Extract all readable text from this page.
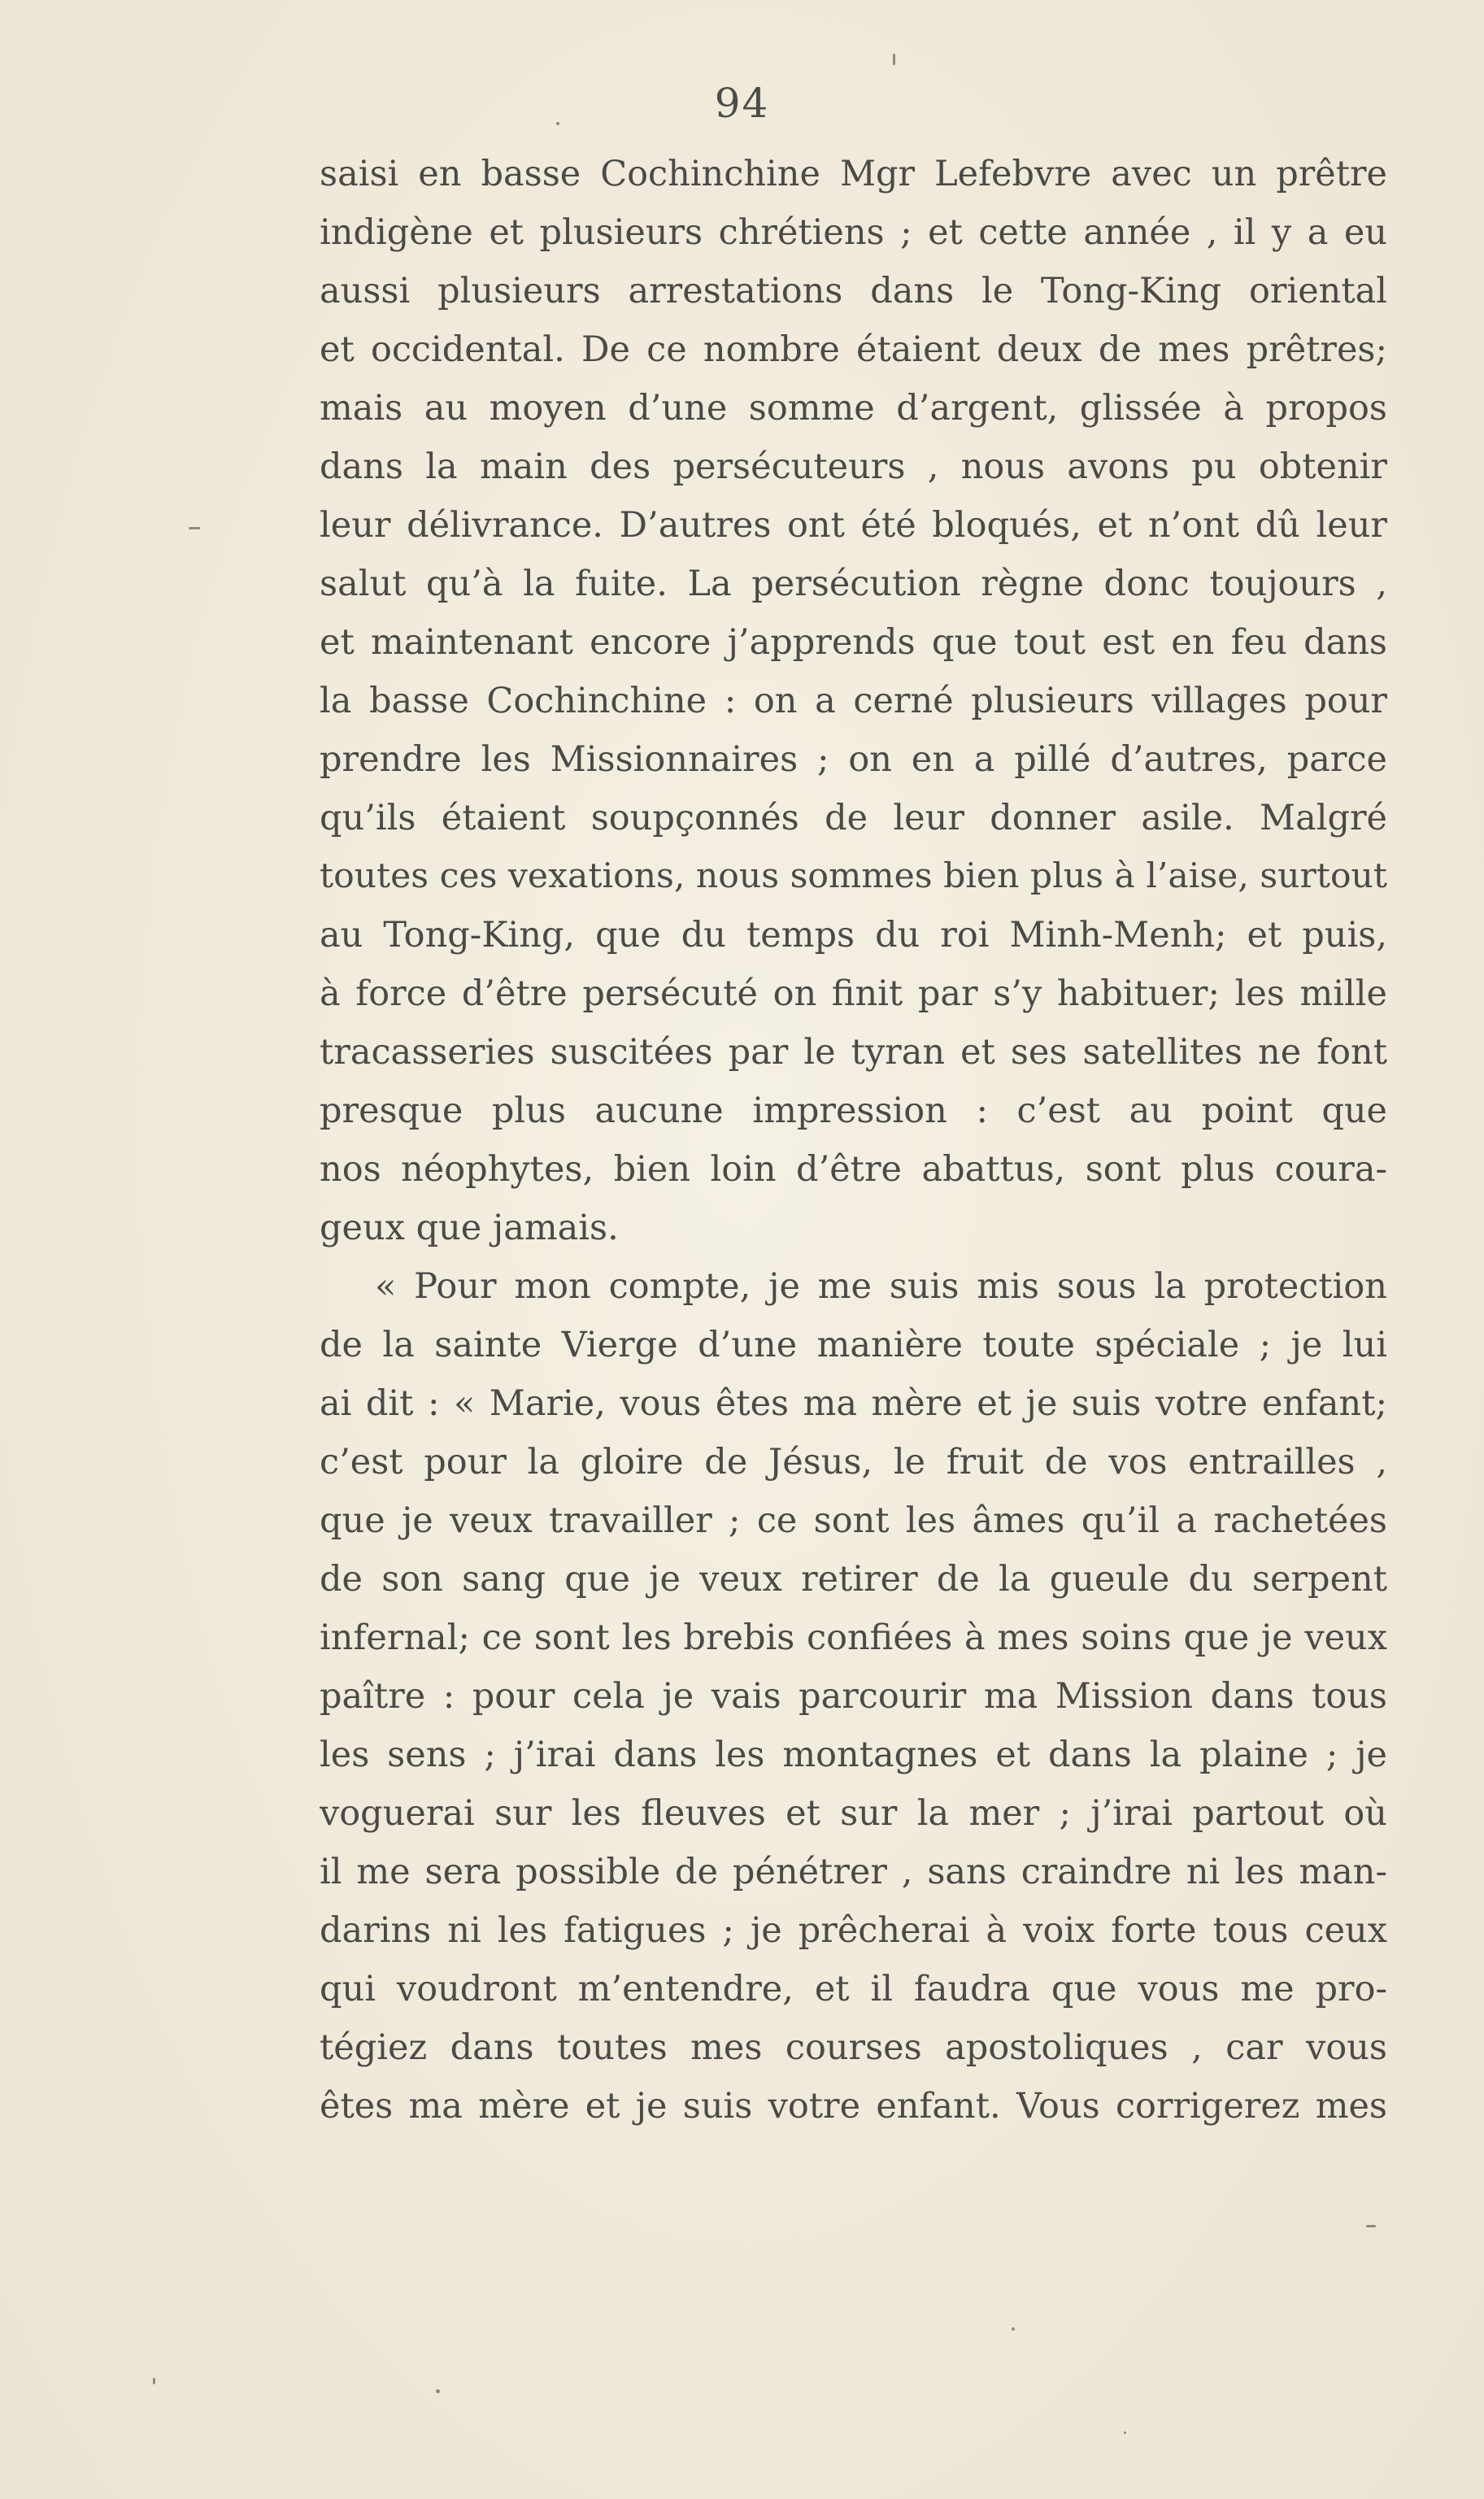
94
saisi en basse Cochinchine Mgr Lefebvre avec un prêtre
indigène et plusieurs chrétiens ; et cette année , il y a eu
aussi plusieurs arrestations dans le Tong-King oriental
et occidental. De ce nombre étaient deux de mes prêtres;
mais au moyen d’une somme d’argent, glissée à propos
dans la main des persécuteurs , nous avons pu obtenir
leur délivrance. D’autres ont été bloqués, et n’ont dû leur
salut qu’à la fuite. La persécution règne donc toujours ,
et maintenant encore j’apprends que tout est en feu dans
la basse Cochinchine : on a cerné plusieurs villages pour
prendre les Missionnaires ; on en a pillé d’autres, parce
qu’ils étaient soupçonnés de leur donner asile. Malgré
toutes ces vexations, nous sommes bien plus à l’aise, surtout
au Tong-King, que du temps du roi Minh-Menh; et puis,
à force d’être persécuté on finit par s’y habituer; les mille
tracasseries suscitées par le tyran et ses satellites ne font
presque plus aucune impression : c’est au point que
nos néophytes, bien loin d’être abattus, sont plus coura-
geux que jamais.
« Pour mon compte, je me suis mis sous la protection
de la sainte Vierge d’une manière toute spéciale ; je lui
ai dit : « Marie, vous êtes ma mère et je suis votre enfant;
c’est pour la gloire de Jésus, le fruit de vos entrailles ,
que je veux travailler ; ce sont les âmes qu’il a rachetées
de son sang que je veux retirer de la gueule du serpent
infernal; ce sont les brebis confiées à mes soins que je veux
paître : pour cela je vais parcourir ma Mission dans tous
les sens ; j’irai dans les montagnes et dans la plaine ; je
voguerai sur les fleuves et sur la mer ; j’irai partout où
il me sera possible de pénétrer , sans craindre ni les man-
darins ni les fatigues ; je prêcherai à voix forte tous ceux
qui voudront m’entendre, et il faudra que vous me pro-
tégiez dans toutes mes courses apostoliques , car vous
êtes ma mère et je suis votre enfant. Vous corrigerez mes
